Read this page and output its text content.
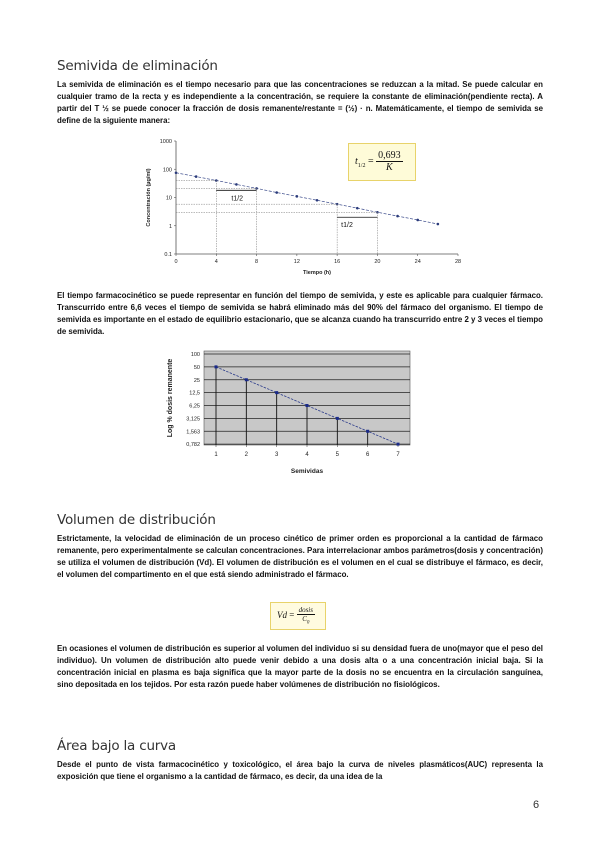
Semivida de eliminación

La semivida de eliminación es el tiempo necesario para que las concentraciones se reduzcan a la mitad. Se puede calcular en cualquier tramo de la recta y es independiente a la concentración, se requiere la constante de eliminación(pendiente recta). A partir del T ½ se puede conocer la fracción de dosis remanente/restante = (½) · n. Matemáticamente, el tiempo de semivida se define de la siguiente manera:

0.1
1
10
100
1000
0	4	8	12	16	20	24	28
Tiempo (h)
Concentración (µg/ml)	t1/2
t1/2
$t_{1/2} = \frac{0,693}{K}$

El tiempo farmacocinético se puede representar en función del tiempo de semivida, y este es aplicable para cualquier fármaco. Transcurrido entre 6,6 veces el tiempo de semivida se habrá eliminado más del 90% del fármaco del organismo. El tiempo de semivida es importante en el estado de equilibrio estacionario, que se alcanza cuando ha transcurrido entre 2 y 3 veces el tiempo de semivida.

100
50
25
12,5
6,25
3,125
1,563
0,782
1	2	3	4	5	6	7
Semividas
Log % dosis remanente
Volumen de distribución

Estrictamente, la velocidad de eliminación de un proceso cinético de primer orden es proporcional a la cantidad de fármaco remanente, pero experimentalmente se calculan concentraciones. Para interrelacionar ambos parámetros(dosis y concentración) se utiliza el volumen de distribución (Vd). El volumen de distribución es el volumen en el cual se distribuye el fármaco, es decir, el volumen del compartimento en el que está siendo administrado el fármaco.

$Vd = \frac{\text{dosis}}{C_0}$

En ocasiones el volumen de distribución es superior al volumen del individuo si su densidad fuera de uno(mayor que el peso del individuo). Un volumen de distribución alto puede venir debido a una dosis alta o a una concentración inicial baja. Si la concentración inicial en plasma es baja significa que la mayor parte de la dosis no se encuentra en la circulación sanguínea, sino depositada en los tejidos. Por esta razón puede haber volúmenes de distribución no fisiológicos.

Área bajo la curva

Desde el punto de vista farmacocinético y toxicológico, el área bajo la curva de niveles plasmáticos(AUC) representa la exposición que tiene el organismo a la cantidad de fármaco, es decir, da una idea de la

6
